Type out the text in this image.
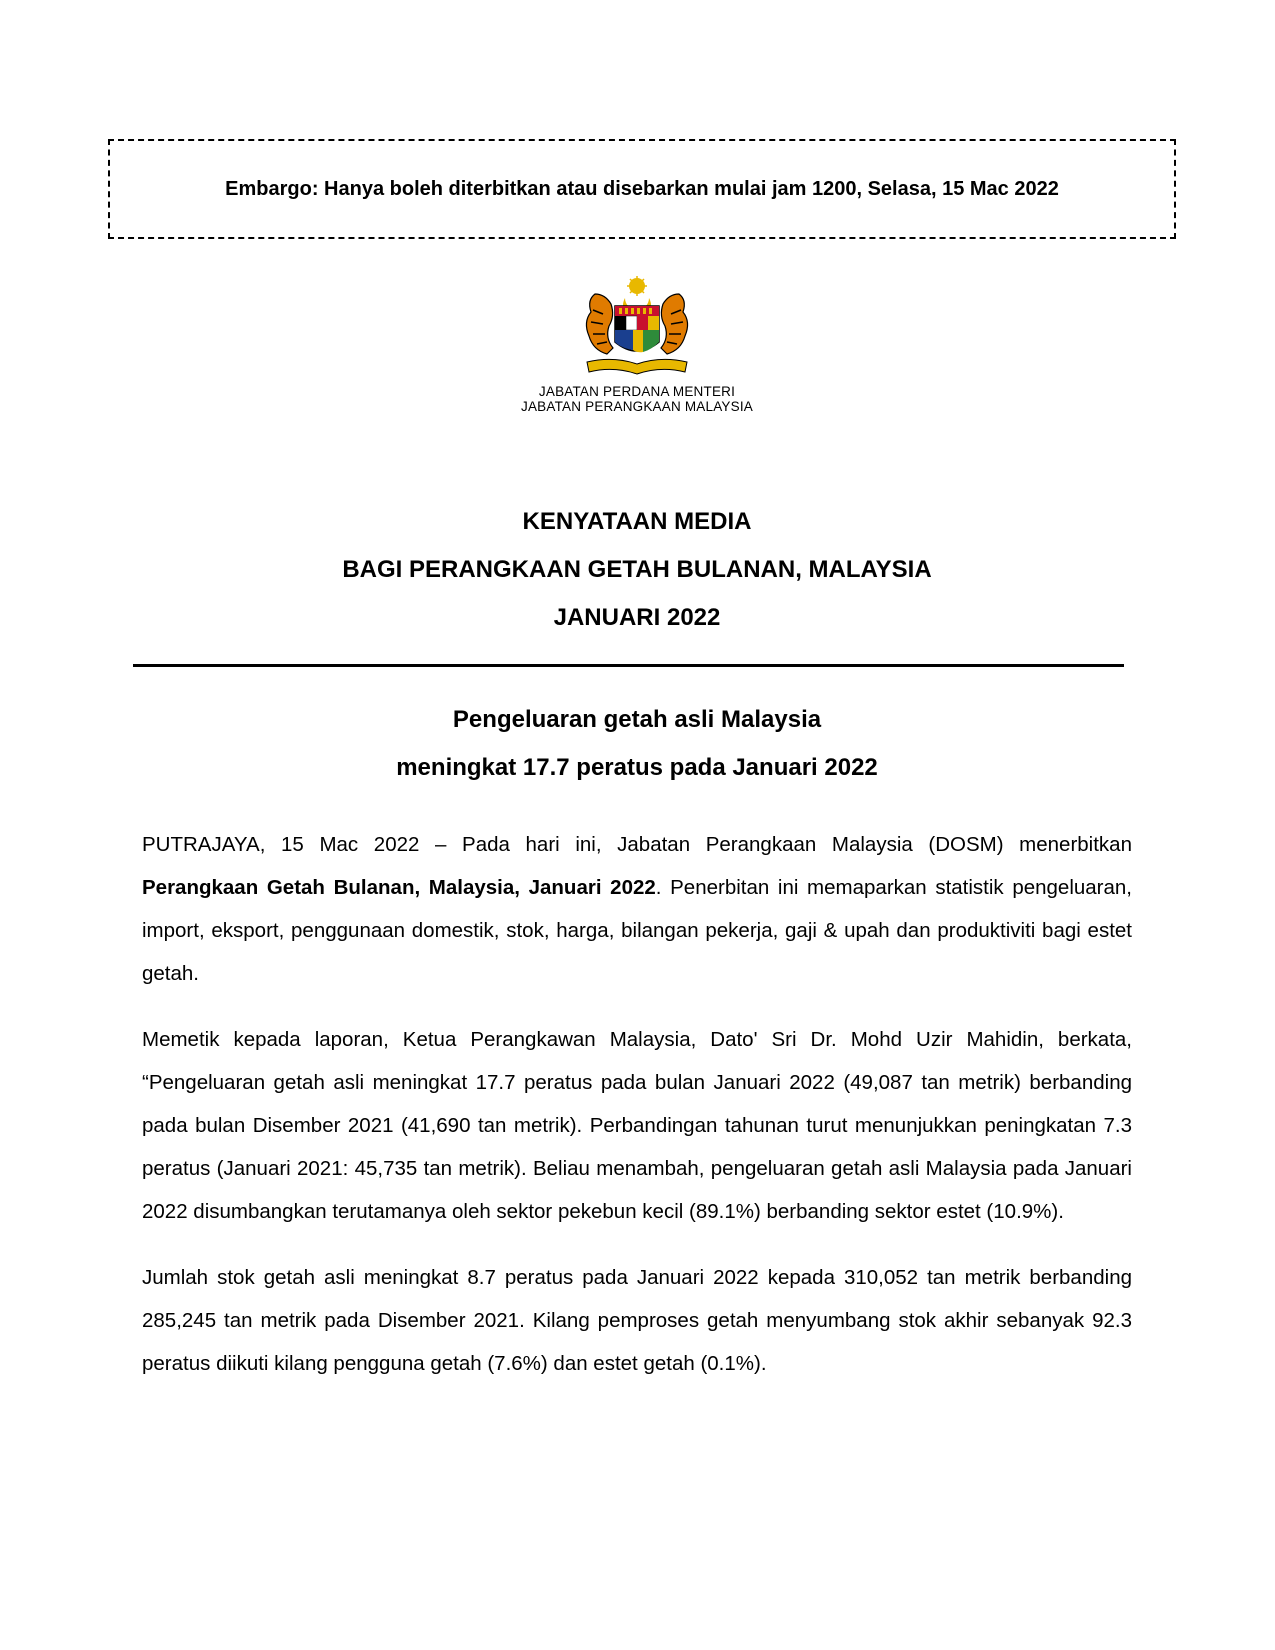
Embargo: Hanya boleh diterbitkan atau disebarkan mulai jam 1200, Selasa, 15 Mac 2022
JABATAN PERDANA MENTERI
JABATAN PERANGKAAN MALAYSIA
KENYATAAN MEDIA
BAGI PERANGKAAN GETAH BULANAN, MALAYSIA
JANUARI 2022
Pengeluaran getah asli Malaysia
meningkat 17.7 peratus pada Januari 2022

PUTRAJAYA, 15 Mac 2022 – Pada hari ini, Jabatan Perangkaan Malaysia (DOSM) menerbitkan Perangkaan Getah Bulanan, Malaysia, Januari 2022. Penerbitan ini memaparkan statistik pengeluaran, import, eksport, penggunaan domestik, stok, harga, bilangan pekerja, gaji & upah dan produktiviti bagi estet getah.

Memetik kepada laporan, Ketua Perangkawan Malaysia, Dato' Sri Dr. Mohd Uzir Mahidin, berkata, “Pengeluaran getah asli meningkat 17.7 peratus pada bulan Januari 2022 (49,087 tan metrik) berbanding pada bulan Disember 2021 (41,690 tan metrik). Perbandingan tahunan turut menunjukkan peningkatan 7.3 peratus (Januari 2021: 45,735 tan metrik). Beliau menambah, pengeluaran getah asli Malaysia pada Januari 2022 disumbangkan terutamanya oleh sektor pekebun kecil (89.1%) berbanding sektor estet (10.9%).

Jumlah stok getah asli meningkat 8.7 peratus pada Januari 2022 kepada 310,052 tan metrik berbanding 285,245 tan metrik pada Disember 2021. Kilang pemproses getah menyumbang stok akhir sebanyak 92.3 peratus diikuti kilang pengguna getah (7.6%) dan estet getah (0.1%).
